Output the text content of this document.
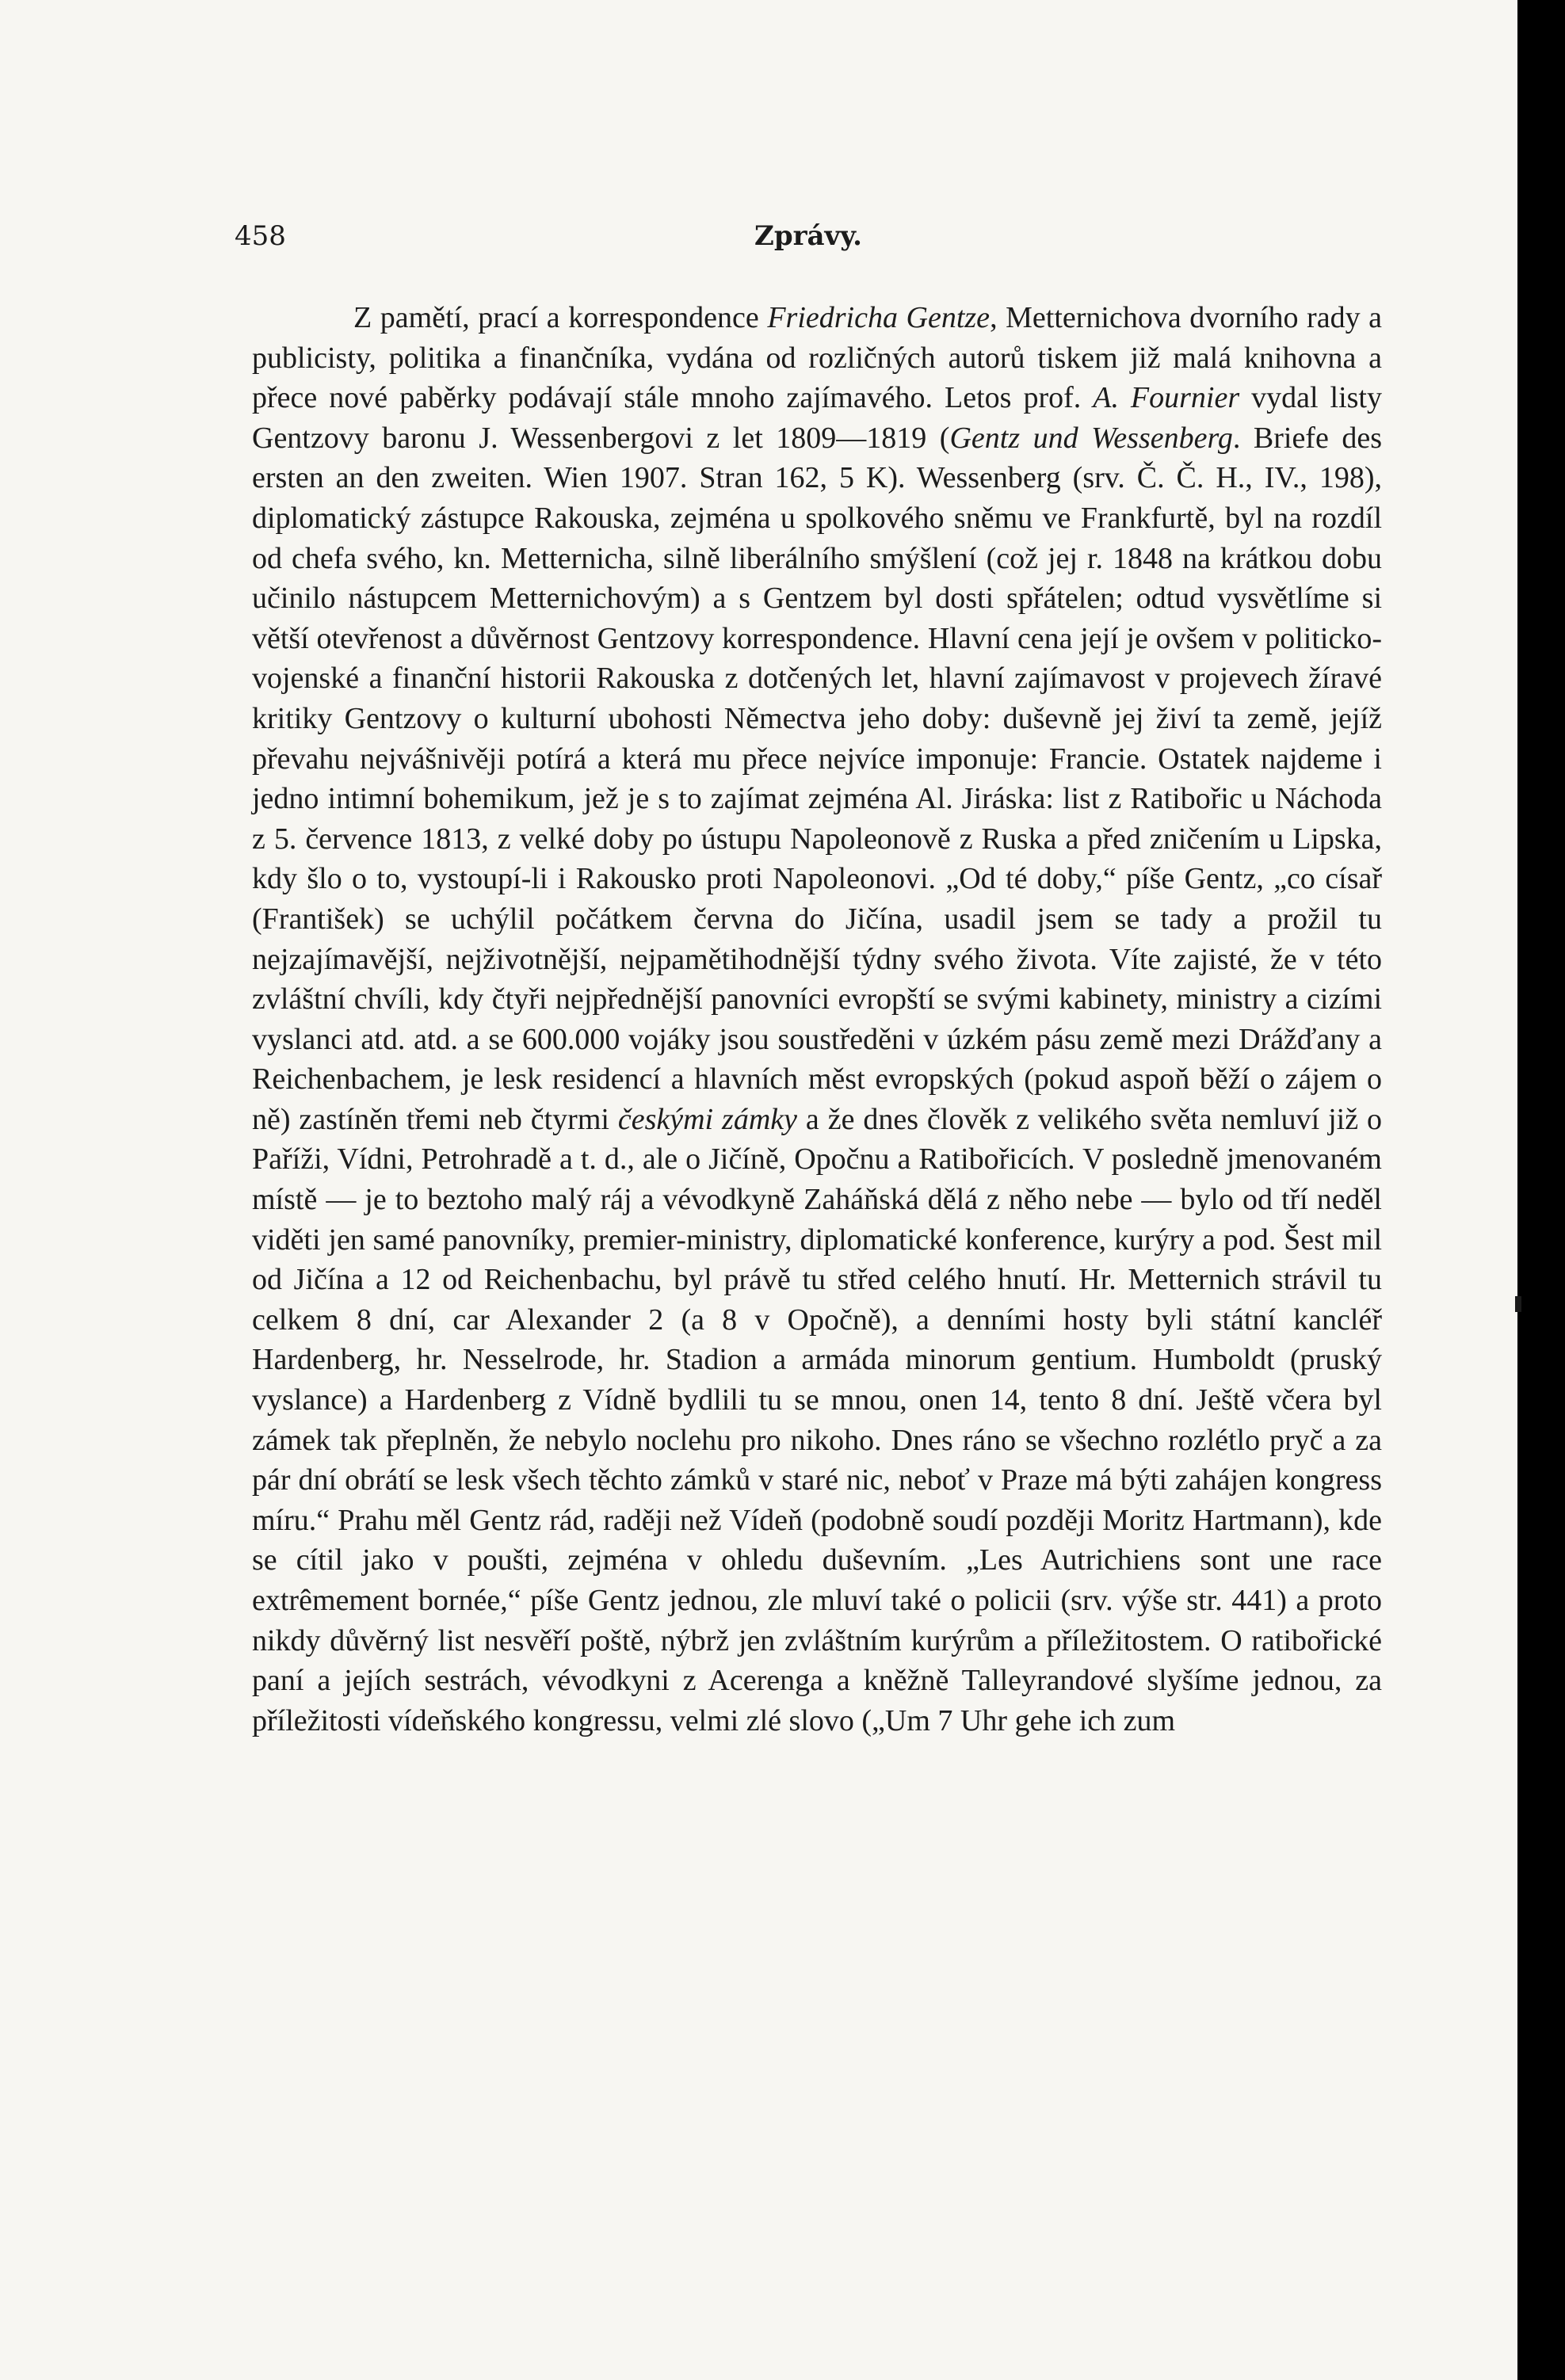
458	Zprávy.

Z pamětí, prací a korrespondence Friedricha Gentze, Metternichova dvorního rady a publicisty, politika a finančníka, vydána od rozličných autorů tiskem již malá knihovna a přece nové paběrky podávají stále mnoho zajímavého. Letos prof. A. Fournier vydal listy Gentzovy baronu J. Wessenbergovi z let 1809—1819 (Gentz und Wessenberg. Briefe des ersten an den zweiten. Wien 1907. Stran 162, 5 K). Wessenberg (srv. Č. Č. H., IV., 198), diplomatický zástupce Rakouska, zejména u spolkového sněmu ve Frankfurtě, byl na rozdíl od chefa svého, kn. Metternicha, silně liberálního smýšlení (což jej r. 1848 na krátkou dobu učinilo nástupcem Metternichovým) a s Gentzem byl dosti spřátelen; odtud vysvětlíme si větší otevřenost a důvěrnost Gentzovy korrespondence. Hlavní cena její je ovšem v politicko-vojenské a finanční historii Rakouska z dotčených let, hlavní zajímavost v projevech žíravé kritiky Gentzovy o kulturní ubohosti Němectva jeho doby: duševně jej živí ta země, jejíž převahu nejvášnivěji potírá a která mu přece nejvíce imponuje: Francie. Ostatek najdeme i jedno intimní bohemikum, jež je s to zajímat zejména Al. Jiráska: list z Ratibořic u Náchoda z 5. července 1813, z velké doby po ústupu Napoleonově z Ruska a před zničením u Lipska, kdy šlo o to, vystoupí-li i Rakousko proti Napoleonovi. „Od té doby,“ píše Gentz, „co císař (František) se uchýlil počátkem června do Jičína, usadil jsem se tady a prožil tu nejzajímavější, nejživotnější, nejpamětihodnější týdny svého života. Víte zajisté, že v této zvláštní chvíli, kdy čtyři nejpřednější panovníci evropští se svými kabinety, ministry a cizími vyslanci atd. atd. a se 600.000 vojáky jsou soustředěni v úzkém pásu země mezi Drážďany a Reichenbachem, je lesk residencí a hlavních měst evropských (pokud aspoň běží o zájem o ně) zastíněn třemi neb čtyrmi českými zámky a že dnes člověk z velikého světa nemluví již o Paříži, Vídni, Petrohradě a t. d., ale o Jičíně, Opočnu a Ratibořicích. V posledně jmenovaném místě — je to beztoho malý ráj a vévodkyně Zaháňská dělá z něho nebe — bylo od tří neděl viděti jen samé panovníky, premier-ministry, diplomatické konference, kurýry a pod. Šest mil od Jičína a 12 od Reichenbachu, byl právě tu střed celého hnutí. Hr. Metternich strávil tu celkem 8 dní, car Alexander 2 (a 8 v Opočně), a denními hosty byli státní kancléř Hardenberg, hr. Nesselrode, hr. Stadion a armáda minorum gentium. Humboldt (pruský vyslance) a Hardenberg z Vídně bydlili tu se mnou, onen 14, tento 8 dní. Ještě včera byl zámek tak přeplněn, že nebylo noclehu pro nikoho. Dnes ráno se všechno rozlétlo pryč a za pár dní obrátí se lesk všech těchto zámků v staré nic, neboť v Praze má býti zahájen kongress míru.“ Prahu měl Gentz rád, raději než Vídeň (podobně soudí později Moritz Hartmann), kde se cítil jako v poušti, zejména v ohledu duševním. „Les Autrichiens sont une race extrêmement bornée,“ píše Gentz jednou, zle mluví také o policii (srv. výše str. 441) a proto nikdy důvěrný list nesvěří poště, nýbrž jen zvláštním kurýrům a příležitostem. O ratibořické paní a jejích sestrách, vévodkyni z Acerenga a kněžně Talleyrandové slyšíme jednou, za příležitosti vídeňského kongressu, velmi zlé slovo („Um 7 Uhr gehe ich zum
